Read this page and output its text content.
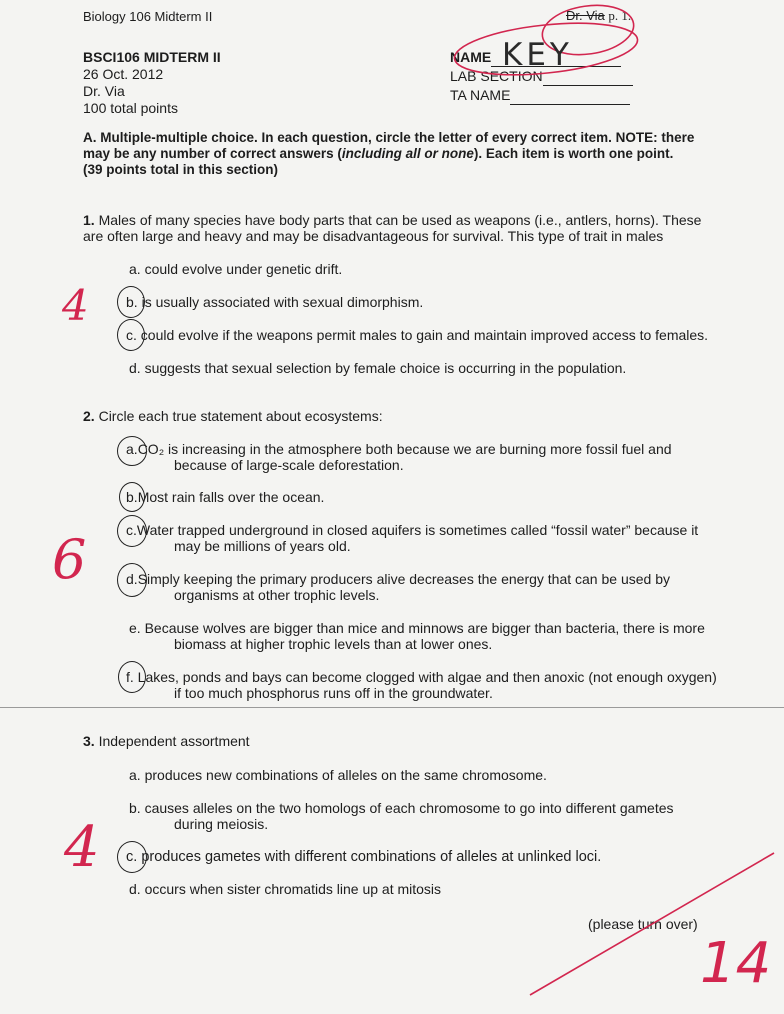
Biology 106 Midterm II	Dr. Via p. 1.
BSCI106 MIDTERM II
26 Oct. 2012
Dr. Via
100 total points
NAME
LAB SECTION
TA NAME
A. Multiple-multiple choice. In each question, circle the letter of every correct item. NOTE: there
may be any number of correct answers (including all or none). Each item is worth one point.
(39 points total in this section)
1. Males of many species have body parts that can be used as weapons (i.e., antlers, horns). These
are often large and heavy and may be disadvantageous for survival. This type of trait in males
a. could evolve under genetic drift.
b. is usually associated with sexual dimorphism.
c. could evolve if the weapons permit males to gain and maintain improved access to females.
d. suggests that sexual selection by female choice is occurring in the population.
2. Circle each true statement about ecosystems:
a.CO₂ is increasing in the atmosphere both because we are burning more fossil fuel and
because of large-scale deforestation.
b.Most rain falls over the ocean.
c.Water trapped underground in closed aquifers is sometimes called “fossil water” because it
may be millions of years old.
d.Simply keeping the primary producers alive decreases the energy that can be used by
organisms at other trophic levels.
e. Because wolves are bigger than mice and minnows are bigger than bacteria, there is more
biomass at higher trophic levels than at lower ones.
f. Lakes, ponds and bays can become clogged with algae and then anoxic (not enough oxygen)
if too much phosphorus runs off in the groundwater.
3. Independent assortment
a. produces new combinations of alleles on the same chromosome.
b. causes alleles on the two homologs of each chromosome to go into different gametes
during meiosis.
c. produces gametes with different combinations of alleles at unlinked loci.
d. occurs when sister chromatids line up at mitosis
(please turn over)
KEY
4
6
4
14
